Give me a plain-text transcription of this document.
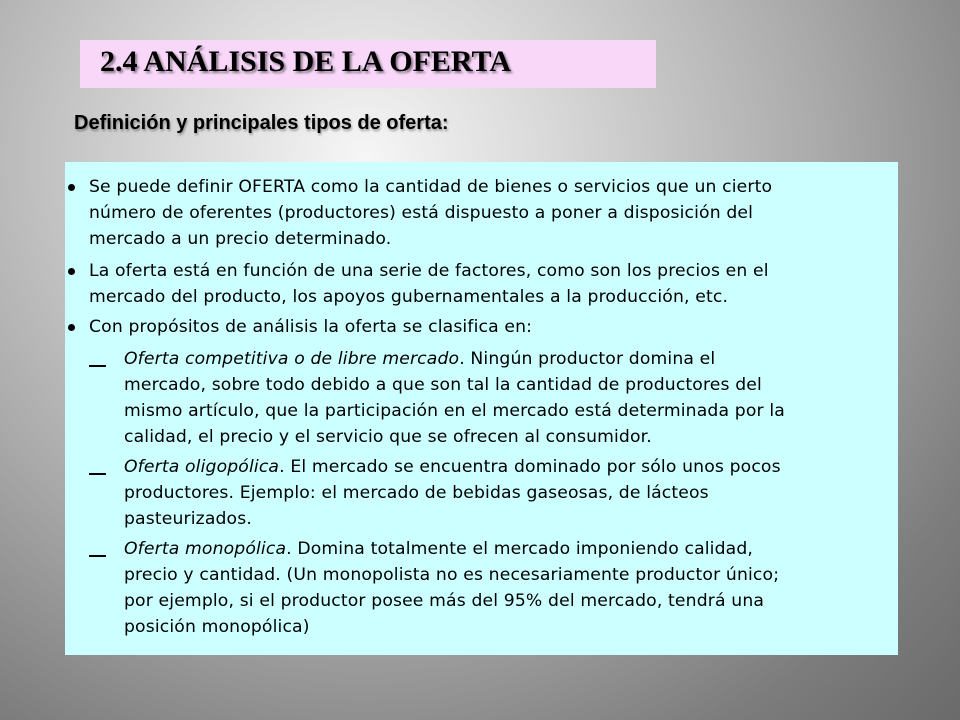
2.4 ANÁLISIS DE LA OFERTA
Definición y principales tipos de oferta:
Se puede definir OFERTA como la cantidad de bienes o servicios que un cierto
número de oferentes (productores) está dispuesto a poner a disposición del
mercado a un precio determinado.
La oferta está en función de una serie de factores, como son los precios en el
mercado del producto, los apoyos gubernamentales a la producción, etc.
Con propósitos de análisis la oferta se clasifica en:
Oferta competitiva o de libre mercado. Ningún productor domina el
mercado, sobre todo debido a que son tal la cantidad de productores del
mismo artículo, que la participación en el mercado está determinada por la
calidad, el precio y el servicio que se ofrecen al consumidor.
Oferta oligopólica. El mercado se encuentra dominado por sólo unos pocos
productores. Ejemplo: el mercado de bebidas gaseosas, de lácteos
pasteurizados.
Oferta monopólica. Domina totalmente el mercado imponiendo calidad,
precio y cantidad. (Un monopolista no es necesariamente productor único;
por ejemplo, si el productor posee más del 95% del mercado, tendrá una
posición monopólica)
